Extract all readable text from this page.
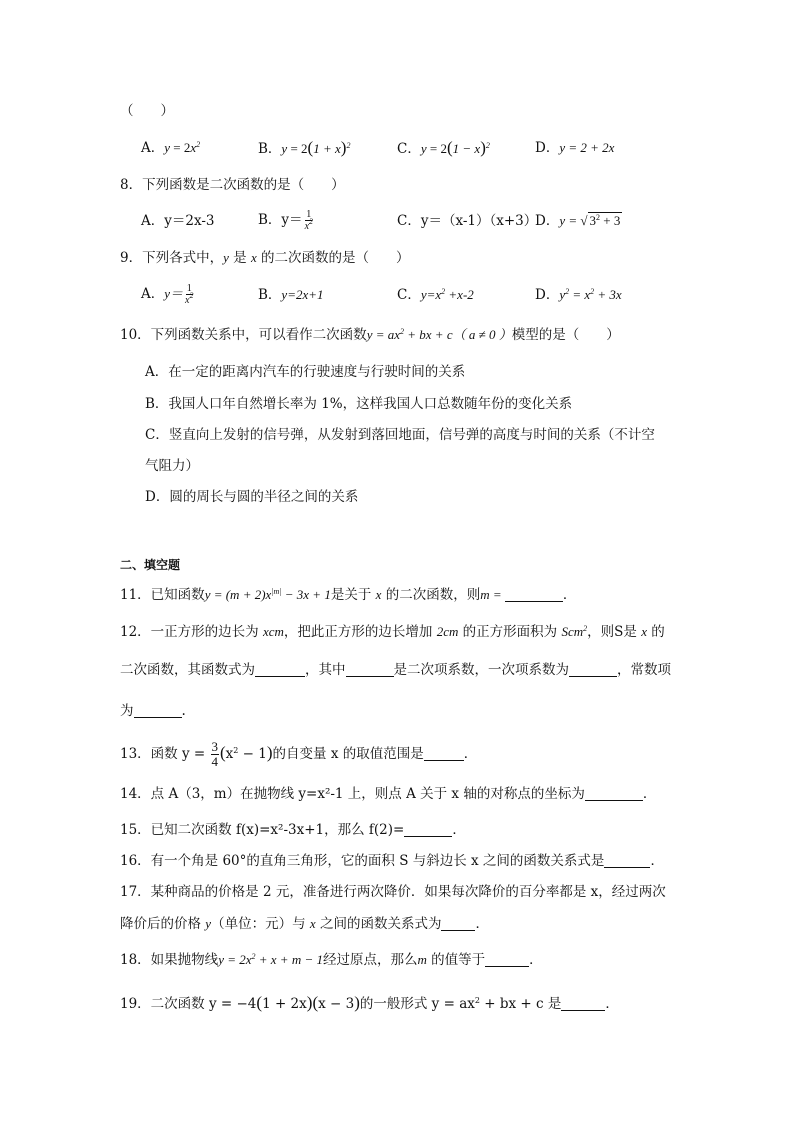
（　　）
A．$y = 2x^2$	B．$y = 2(1 + x)^2$	C．$y = 2(1 - x)^2$	D．y = 2 + 2x
8．下列函数是二次函数的是（　　）
A．y＝2x-3	B．$y= \frac{1}{x^2}$	C．y＝（x-1）（x+3）
D．y = √ $3^2 + 3$
9．下列各式中，y 是 x 的二次函数的是（　　）
A．$y= \frac{1}{x^2}$	B．y=2x+1	C．$y=x^2 +x-2$	D．$y^2 = x^2 + 3x$
10．下列函数关系中，可以看作二次函数$y = ax^2$ + bx + c（ a ≠ 0 ）模型的是（　　）
A．在一定的距离内汽车的行驶速度与行驶时间的关系
B．我国人口年自然增长率为 1%，这样我国人口总数随年份的变化关系
C．竖直向上发射的信号弹，从发射到落回地面，信号弹的高度与时间的关系（不计空
气阻力）
D．圆的周长与圆的半径之间的关系
二、填空题
11．已知函数$y = (m + 2)x^{|m|} - 3x + 1$是关于 x 的二次函数，则m =	．
12．一正方形的边长为 xcm，把此正方形的边长增加 2cm 的正方形面积为 Scm$^2$，则S是 x 的
二次函数，其函数式为	，其中	是二次项系数，一次项系数为	，常数项
为	.
13．函数 $y = \frac{3}{4} (x^2 - 1)$的自变量 x 的取值范围是	．
14．点 A（3，m）在抛物线 y=x²-1 上，则点 A 关于 x 轴的对称点的坐标为	．
15．已知二次函数 f(x)=x²-3x+1，那么 f(2)=	．
16．有一个角是 60°的直角三角形，它的面积 S 与斜边长 x 之间的函数关系式是	．
17．某种商品的价格是 2 元，准备进行两次降价．如果每次降价的百分率都是 x，经过两次
降价后的价格 y（单位：元）与 x 之间的函数关系式为	．
18．如果抛物线$y = 2x^2 + x + m - 1$经过原点，那么m 的值等于	．
19．二次函数 y = −4(1 + 2x)(x − 3)的一般形式 $y = ax^2$ + bx + c 是	．
